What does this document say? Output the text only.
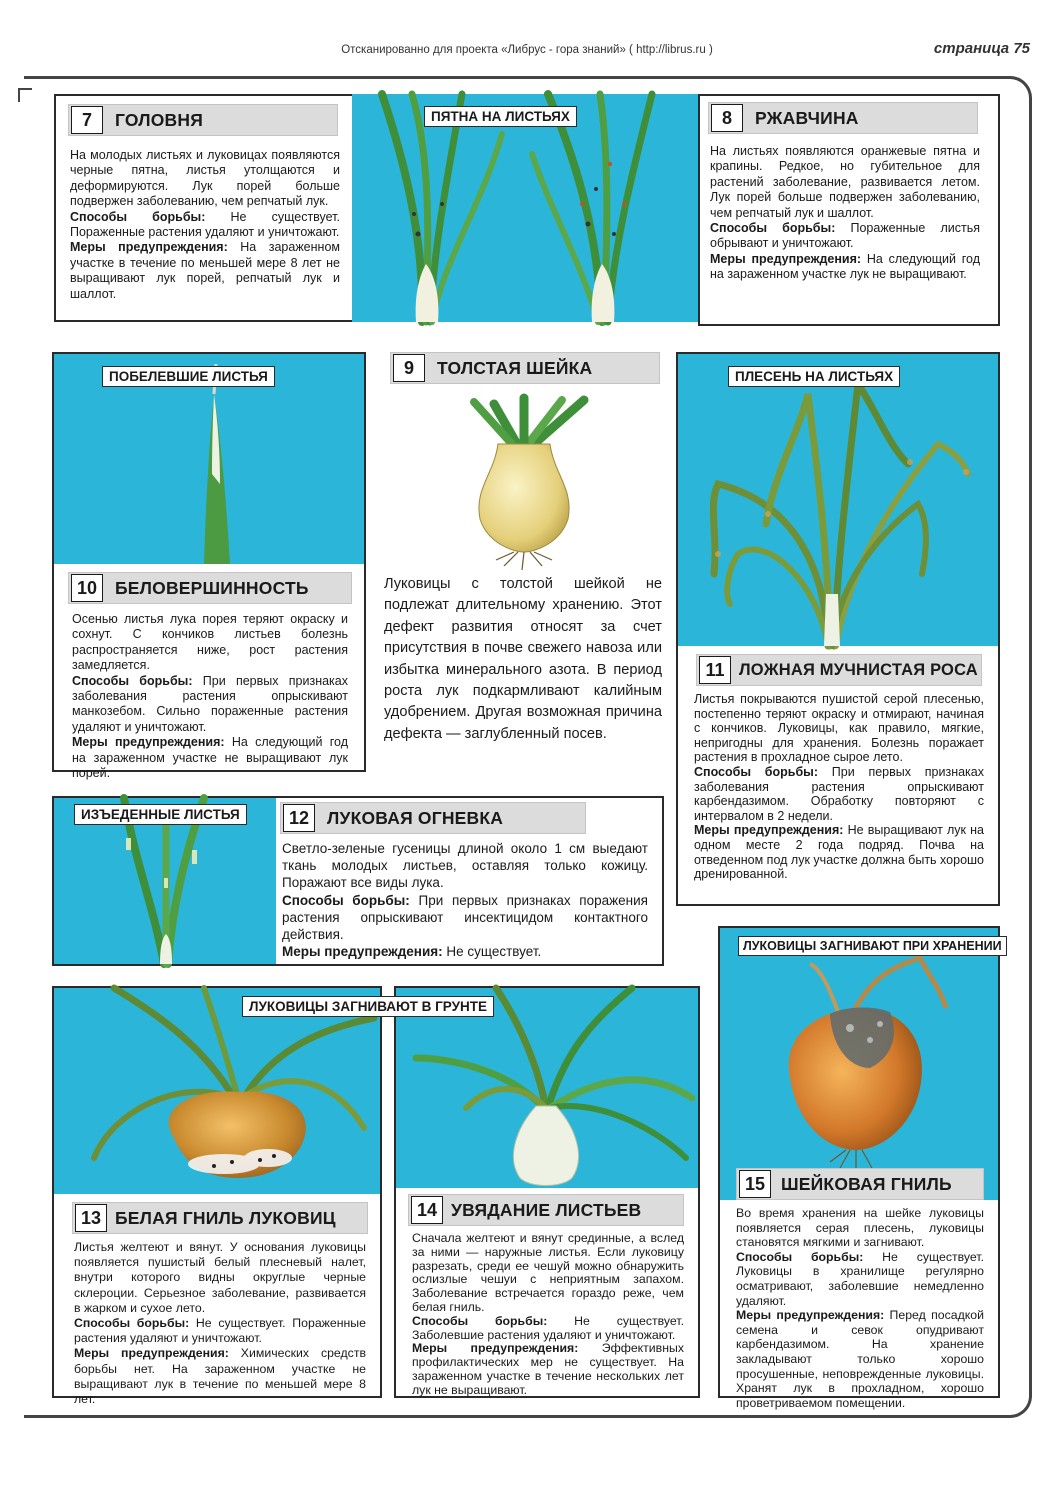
Отсканированно для проекта «Либрус - гора знаний» ( http://librus.ru )	страница 75
7	ГОЛОВНЯ
На молодых листьях и луковицах появляются черные пятна, листья утолщаются и деформируются. Лук порей больше подвержен заболеванию, чем репчатый лук.
Способы борьбы: Не существует. Пораженные растения удаляют и уничтожают.
Меры предупреждения: На зараженном участке в течение по меньшей мере 8 лет не выращивают лук порей, репчатый лук и шаллот.
ПЯТНА НА ЛИСТЬЯХ	8	РЖАВЧИНА
На листьях появляются оранжевые пятна и крапины. Редкое, но губительное для растений заболевание, развивается летом. Лук порей больше подвержен заболеванию, чем репчатый лук и шаллот.
Способы борьбы: Пораженные листья обрывают и уничтожают.
Меры предупреждения: На следующий год на зараженном участке лук не выращивают.
ПОБЕЛЕВШИЕ ЛИСТЬЯ
10	БЕЛОВЕРШИННОСТЬ
Осенью листья лука порея теряют окраску и сохнут. С кончиков листьев болезнь распространяется ниже, рост растения замедляется.
Способы борьбы: При первых признаках заболевания растения опрыскивают манкозебом. Сильно пораженные растения удаляют и уничтожают.
Меры предупреждения: На следующий год на зараженном участке не выращивают лук порей.
9	ТОЛСТАЯ ШЕЙКА
Луковицы с толстой шейкой не подлежат длительному хранению. Этот дефект развития относят за счет присутствия в почве свежего навоза или избытка минерального азота. В период роста лук подкармливают калийным удобрением. Другая возможная причина дефекта — заглубленный посев.
ПЛЕСЕНЬ НА ЛИСТЬЯХ
11 ЛОЖНАЯ МУЧНИСТАЯ РОСА
Листья покрываются пушистой серой плесенью, постепенно теряют окраску и отмирают, начиная с кончиков. Луковицы, как правило, мягкие, непригодны для хранения. Болезнь поражает растения в прохладное сырое лето.
Способы борьбы: При первых признаках заболевания растения опрыскивают карбендазимом. Обработку повторяют с интервалом в 2 недели.
Меры предупреждения: Не выращивают лук на одном месте 2 года подряд. Почва на отведенном под лук участке должна быть хорошо дренированной.
ИЗЪЕДЕННЫЕ ЛИСТЬЯ	12	ЛУКОВАЯ ОГНЕВКА
Светло-зеленые гусеницы длиной около 1 см выедают ткань молодых листьев, оставляя только кожицу. Поражают все виды лука.
Способы борьбы: При первых признаках поражения растения опрыскивают инсектицидом контактного действия.
Меры предупреждения: Не существует.
13 БЕЛАЯ ГНИЛЬ ЛУКОВИЦ
Листья желтеют и вянут. У основания луковицы появляется пушистый белый плесневый налет, внутри которого видны округлые черные склероции. Серьезное заболевание, развивается в жарком и сухое лето.
Способы борьбы: Не существует. Пораженные растения удаляют и уничтожают.
Меры предупреждения: Химических средств борьбы нет. На зараженном участке не выращивают лук в течение по меньшей мере 8 лет.
14 УВЯДАНИЕ ЛИСТЬЕВ
Сначала желтеют и вянут срединные, а вслед за ними — наружные листья. Если луковицу разрезать, среди ее чешуй можно обнаружить ослизлые чешуи с неприятным запахом. Заболевание встречается гораздо реже, чем белая гниль.
Способы борьбы: Не существует. Заболевшие растения удаляют и уничтожают.
Меры предупреждения: Эффективных профилактических мер не существует. На зараженном участке в течение нескольких лет лук не выращивают.
ЛУКОВИЦЫ ЗАГНИВАЮТ В ГРУНТЕ
ЛУКОВИЦЫ ЗАГНИВАЮТ ПРИ ХРАНЕНИИ
15 ШЕЙКОВАЯ ГНИЛЬ
Во время хранения на шейке луковицы появляется серая плесень, луковицы становятся мягкими и загнивают.
Способы борьбы: Не существует. Луковицы в хранилище регулярно осматривают, заболевшие немедленно удаляют.
Меры предупреждения: Перед посадкой семена и севок опудривают карбендазимом. На хранение закладывают только хорошо просушенные, неповрежденные луковицы. Хранят лук в прохладном, хорошо проветриваемом помещении.
